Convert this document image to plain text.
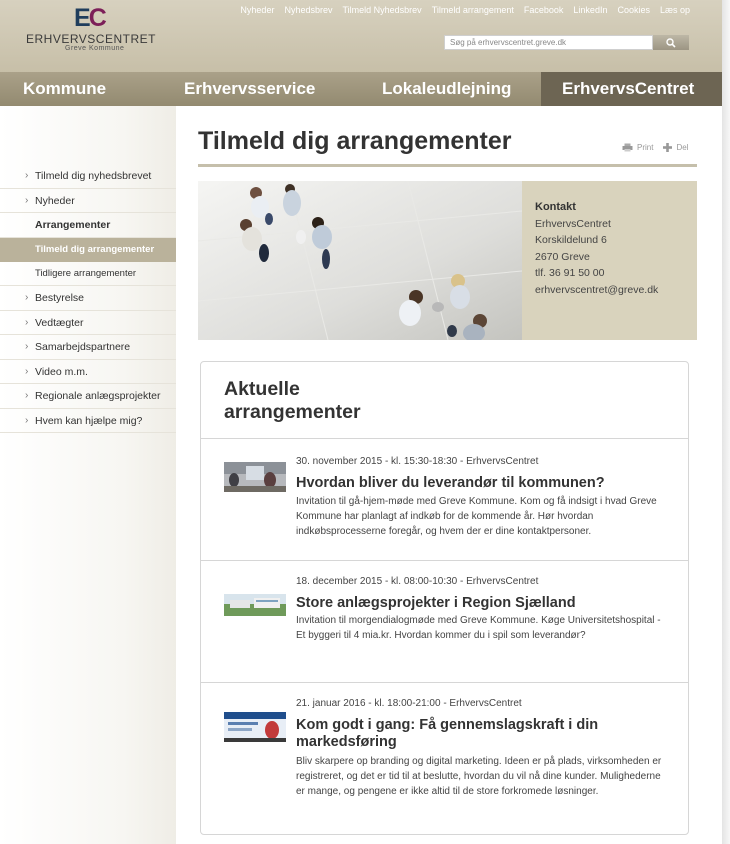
EC
ERHVERVSCENTRET
Greve Kommune
Nyheder Nyhedsbrev Tilmeld Nyhedsbrev Tilmeld arrangement Facebook LinkedIn Cookies Læs op
Søg på erhvervscentret.greve.dk
Kommune	Erhvervsservice	Lokaleudlejning	ErhvervsCentret
› Tilmeld dig nyhedsbrevet
› Nyheder
Arrangementer
Tilmeld dig arrangementer
Tidligere arrangementer
› Bestyrelse
› Vedtægter
› Samarbejdspartnere
› Video m.m.
› Regionale anlægsprojekter
› Hvem kan hjælpe mig?
Tilmeld dig arrangementer	Print	Del
Kontakt
ErhvervsCentret
Korskildelund 6
2670 Greve
tlf. 36 91 50 00
erhvervscentret@greve.dk
Aktuelle arrangementer
30. november 2015 - kl. 15:30-18:30 - ErhvervsCentret
Hvordan bliver du leverandør til kommunen?
Invitation til gå-hjem-møde med Greve Kommune. Kom og få indsigt i hvad Greve Kommune har planlagt af indkøb for de kommende år. Hør hvordan indkøbsprocesserne foregår, og hvem der er dine kontaktpersoner.
18. december 2015 - kl. 08:00-10:30 - ErhvervsCentret
Store anlægsprojekter i Region Sjælland
Invitation til morgendialogmøde med Greve Kommune. Køge Universitetshospital - Et byggeri til 4 mia.kr. Hvordan kommer du i spil som leverandør?
21. januar 2016 - kl. 18:00-21:00 - ErhvervsCentret
Kom godt i gang: Få gennemslagskraft i din markedsføring
Bliv skarpere op branding og digital marketing. Ideen er på plads, virksomheden er registreret, og det er tid til at beslutte, hvordan du vil nå dine kunder. Mulighederne er mange, og pengene er ikke altid til de store forkromede løsninger.
